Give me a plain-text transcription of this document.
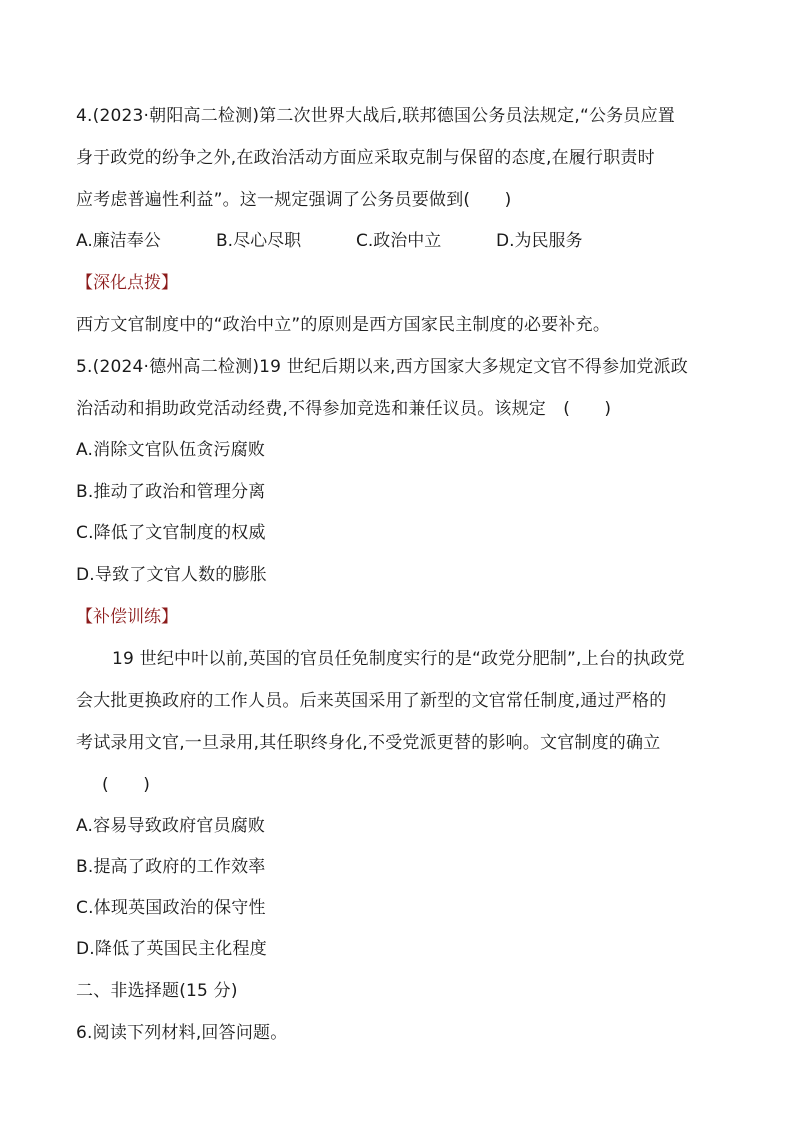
4.(2023·朝阳高二检测)第二次世界大战后,联邦德国公务员法规定,“公务员应置
身于政党的纷争之外,在政治活动方面应采取克制与保留的态度,在履行职责时
应考虑普遍性利益”。这一规定强调了公务员要做到(　　)
A.廉洁奉公	B.尽心尽职	C.政治中立	D.为民服务
【深化点拨】
西方文官制度中的“政治中立”的原则是西方国家民主制度的必要补充。
5.(2024·德州高二检测)19 世纪后期以来,西方国家大多规定文官不得参加党派政
治活动和捐助政党活动经费,不得参加竞选和兼任议员。该规定　(　　)
A.消除文官队伍贪污腐败
B.推动了政治和管理分离
C.降低了文官制度的权威
D.导致了文官人数的膨胀
【补偿训练】
19 世纪中叶以前,英国的官员任免制度实行的是“政党分肥制”,上台的执政党
会大批更换政府的工作人员。后来英国采用了新型的文官常任制度,通过严格的
考试录用文官,一旦录用,其任职终身化,不受党派更替的影响。文官制度的确立
(　　)
A.容易导致政府官员腐败
B.提高了政府的工作效率
C.体现英国政治的保守性
D.降低了英国民主化程度
二、非选择题(15 分)
6.阅读下列材料,回答问题。
